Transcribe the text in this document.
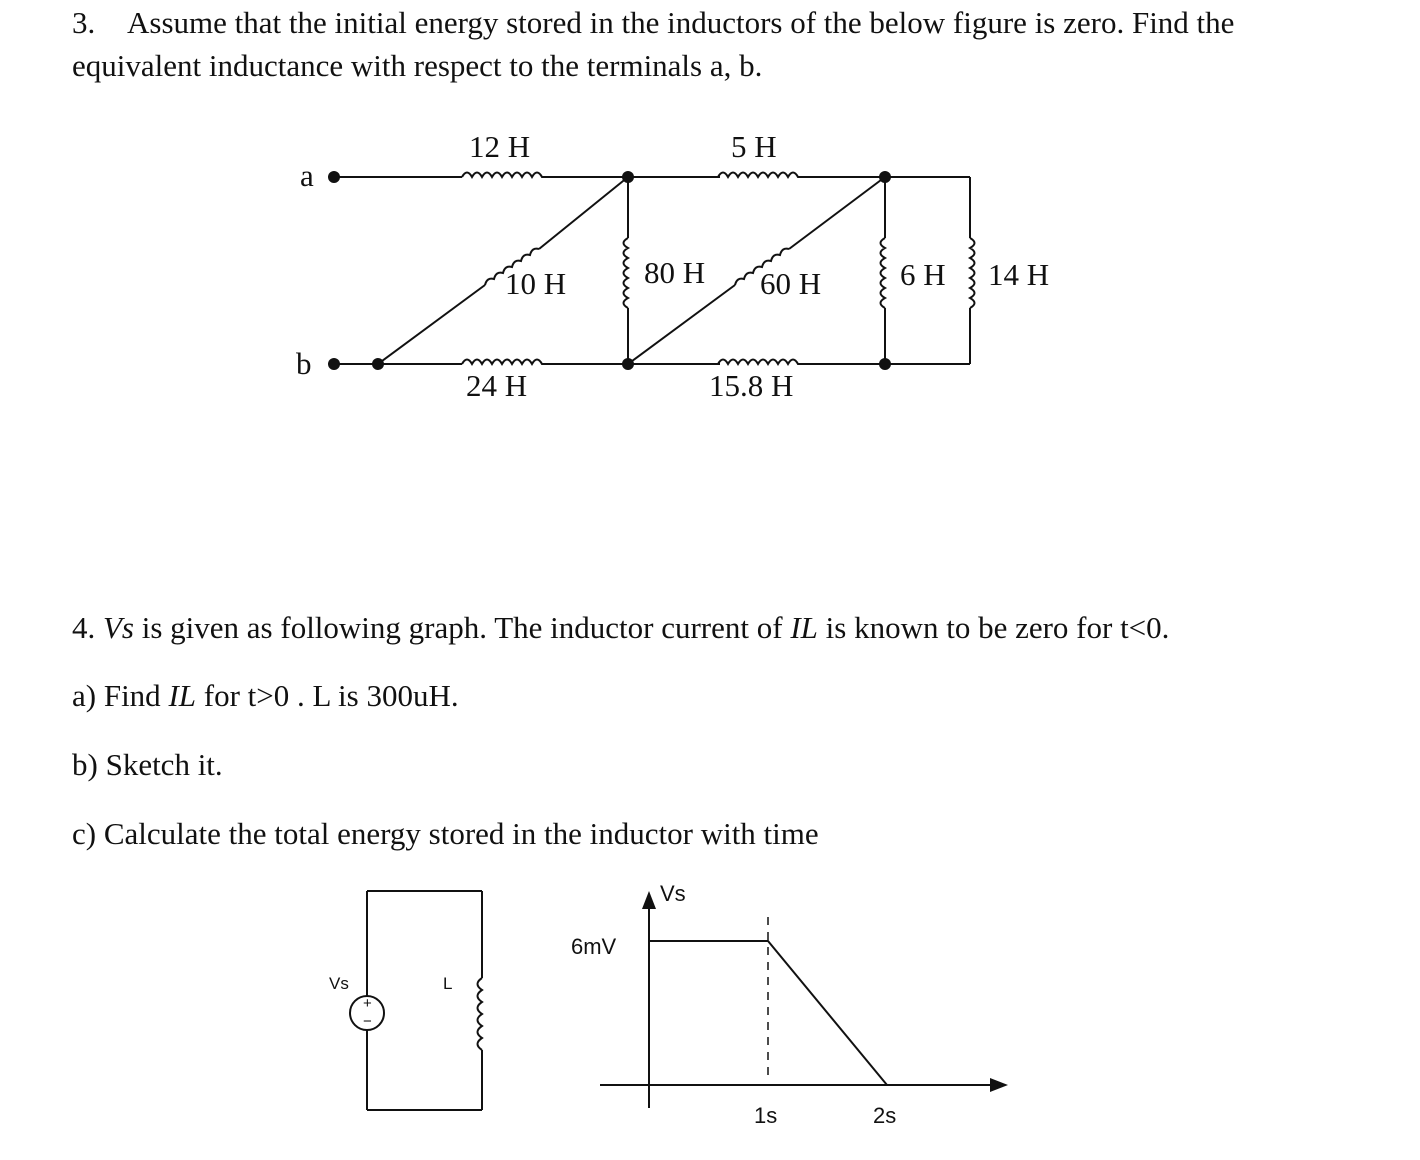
3. Assume that the initial energy stored in the inductors of the below figure is zero. Find the
equivalent inductance with respect to the terminals a, b.
a
b
12 H	5 H
10 H	80 H 60 H	6 H 14 H
24 H	15.8 H
4. Vs is given as following graph. The inductor current of IL is known to be zero for t<0.
a) Find IL for t>0 . L is 300uH.
b) Sketch it.
c) Calculate the total energy stored in the inductor with time
+
−
Vs	L
Vs
6mV
1s	2s
